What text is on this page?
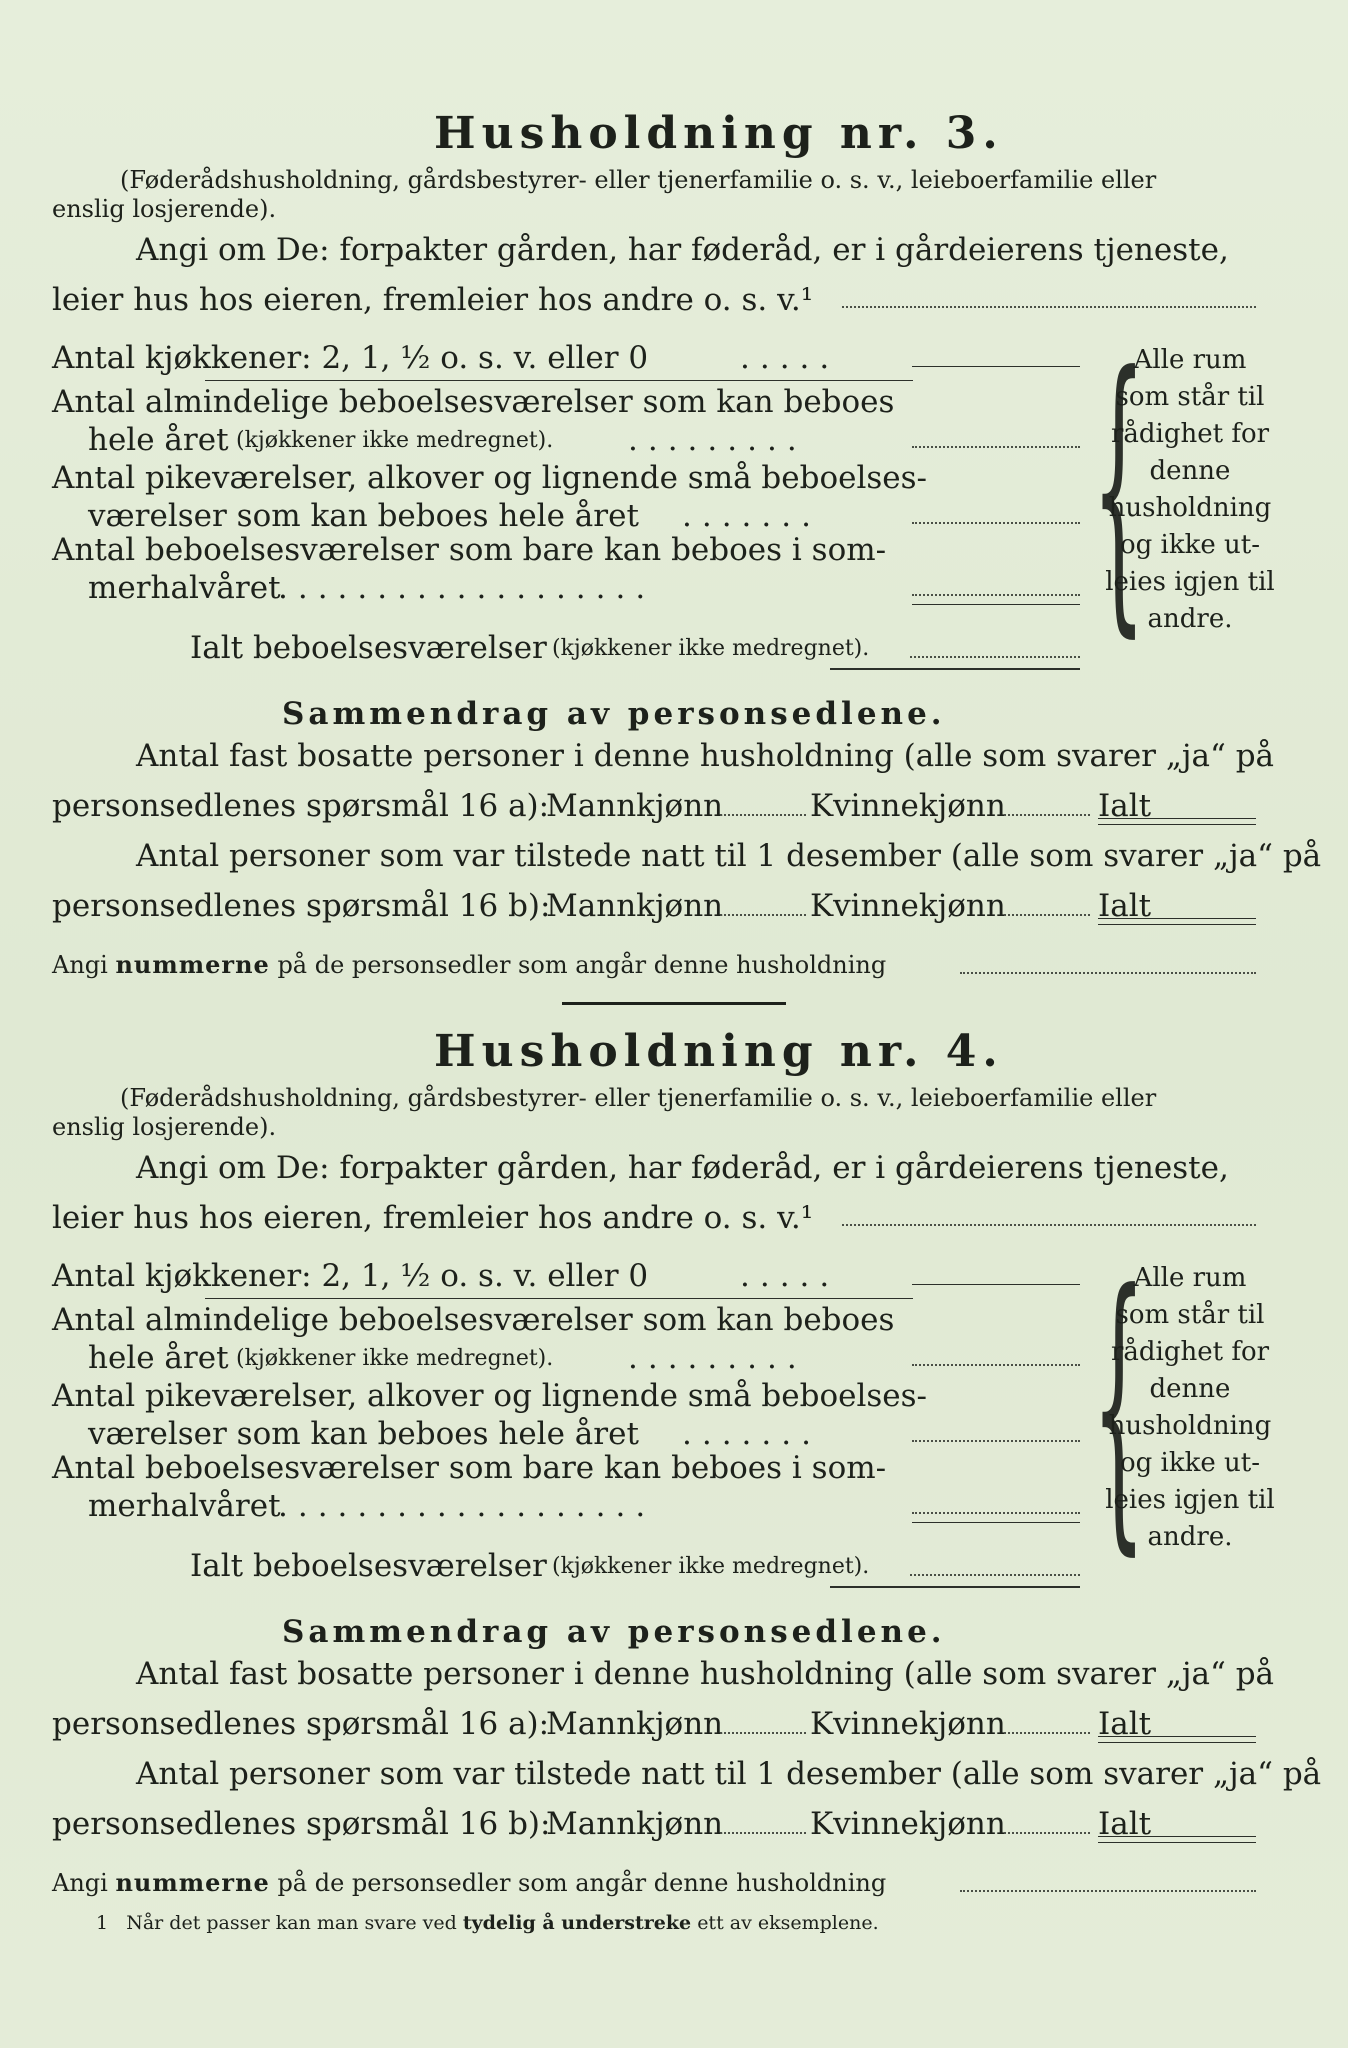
Husholdning nr. 3.
(Føderådshusholdning, gårdsbestyrer- eller tjenerfamilie o. s. v., leieboerfamilie eller
enslig losjerende).
Angi om De: forpakter gården, har føderåd, er i gårdeierens tjeneste,
leier hus hos eieren, fremleier hos andre o. s. v.¹
Antal kjøkkener: 2, 1, ½ o. s. v. eller 0	.....
Antal almindelige beboelsesværelser som kan beboes
hele året (kjøkkener ikke medregnet). .........
Antal pikeværelser, alkover og lignende små beboelses-
værelser som kan beboes hele året .......
Antal beboelsesværelser som bare kan beboes i som-
merhalvåret
...................
Ialt beboelsesværelser (kjøkkener ikke medregnet). {
Alle rum som står til rådighet for denne husholdning og ikke utleies igjen til andre.
Sammendrag av personsedlene.
Antal fast bosatte personer i denne husholdning (alle som svarer „ja“ på
personsedlenes spørsmål 16 a):
Mannkjønn	Kvinnekjønn	Ialt
Antal personer som var tilstede natt til 1 desember (alle som svarer „ja“ på
personsedlenes spørsmål 16 b):
Mannkjønn	Kvinnekjønn	Ialt
Angi nummerne på de personsedler som angår denne husholdning
Husholdning nr. 4.
(Føderådshusholdning, gårdsbestyrer- eller tjenerfamilie o. s. v., leieboerfamilie eller
enslig losjerende).
Angi om De: forpakter gården, har føderåd, er i gårdeierens tjeneste,
leier hus hos eieren, fremleier hos andre o. s. v.¹
Antal kjøkkener: 2, 1, ½ o. s. v. eller 0	.....
Antal almindelige beboelsesværelser som kan beboes
hele året (kjøkkener ikke medregnet). .........
Antal pikeværelser, alkover og lignende små beboelses-
værelser som kan beboes hele året .......
Antal beboelsesværelser som bare kan beboes i som-
merhalvåret
...................
Ialt beboelsesværelser (kjøkkener ikke medregnet). {
Alle rum som står til rådighet for denne husholdning og ikke utleies igjen til andre.
Sammendrag av personsedlene.
Antal fast bosatte personer i denne husholdning (alle som svarer „ja“ på
personsedlenes spørsmål 16 a):
Mannkjønn	Kvinnekjønn	Ialt
Antal personer som var tilstede natt til 1 desember (alle som svarer „ja“ på
personsedlenes spørsmål 16 b):
Mannkjønn	Kvinnekjønn	Ialt
Angi nummerne på de personsedler som angår denne husholdning
1 Når det passer kan man svare ved tydelig å understreke ett av eksemplene.
